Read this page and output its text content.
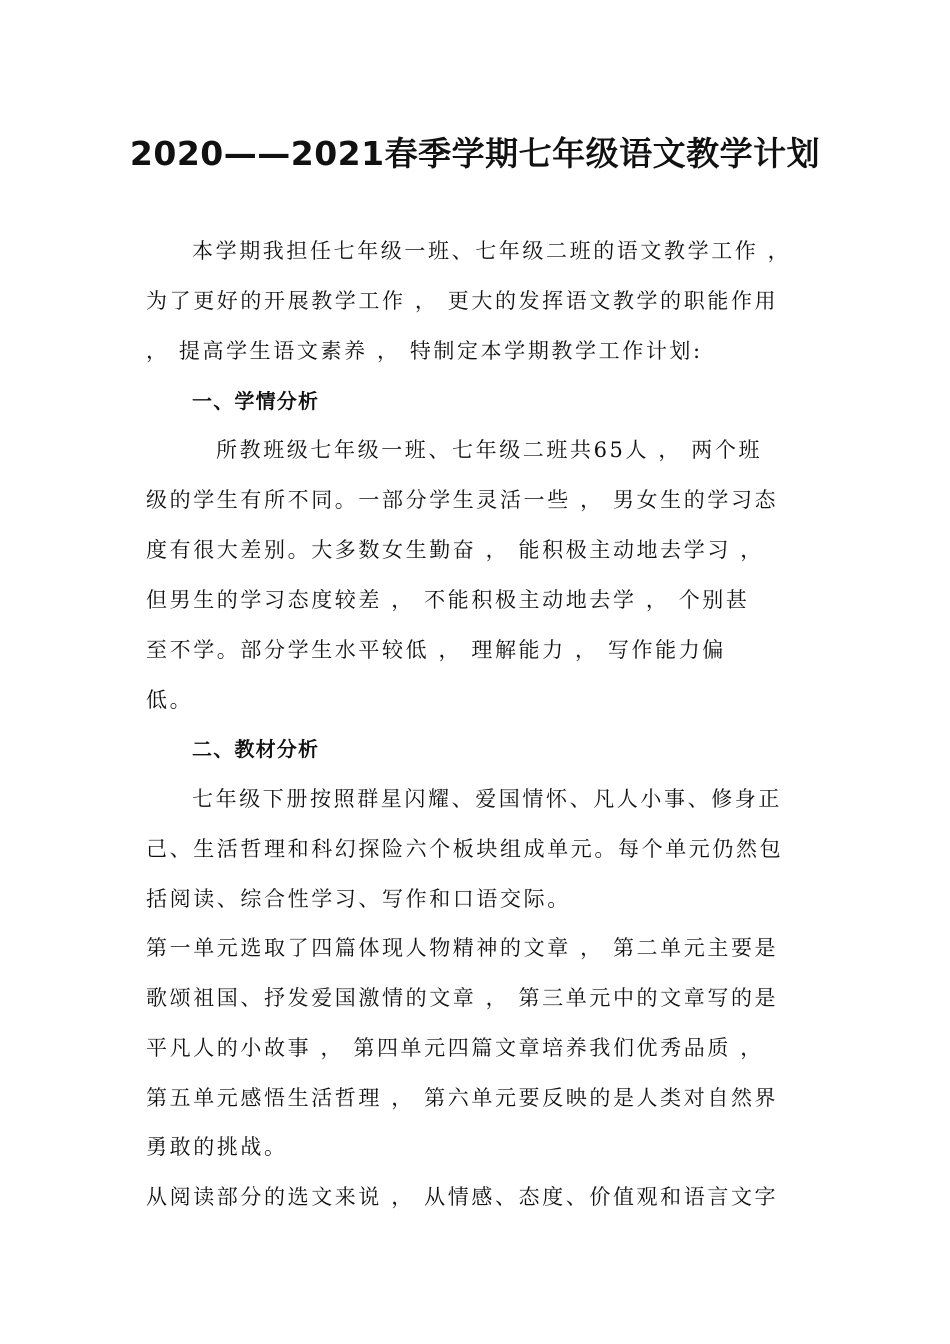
2020——2021春季学期七年级语文教学计划
本学期我担任七年级一班、七年级二班的语文教学工作 ，
为了更好的开展教学工作 ， 更大的发挥语文教学的职能作用
， 提高学生语文素养 ， 特制定本学期教学工作计划:
一、学情分析
所教班级七年级一班、七年级二班共65人 ， 两个班
级的学生有所不同。一部分学生灵活一些 ， 男女生的学习态
度有很大差别。大多数女生勤奋 ， 能积极主动地去学习 ，
但男生的学习态度较差 ， 不能积极主动地去学 ， 个别甚
至不学。部分学生水平较低 ， 理解能力 ， 写作能力偏
低。
二、教材分析
七年级下册按照群星闪耀、爱国情怀、凡人小事、修身正
己、生活哲理和科幻探险六个板块组成单元。每个单元仍然包
括阅读、综合性学习、写作和口语交际。
第一单元选取了四篇体现人物精神的文章 ， 第二单元主要是
歌颂祖国、抒发爱国激情的文章 ， 第三单元中的文章写的是
平凡人的小故事 ， 第四单元四篇文章培养我们优秀品质 ，
第五单元感悟生活哲理 ， 第六单元要反映的是人类对自然界
勇敢的挑战。
从阅读部分的选文来说 ， 从情感、态度、价值观和语言文字
